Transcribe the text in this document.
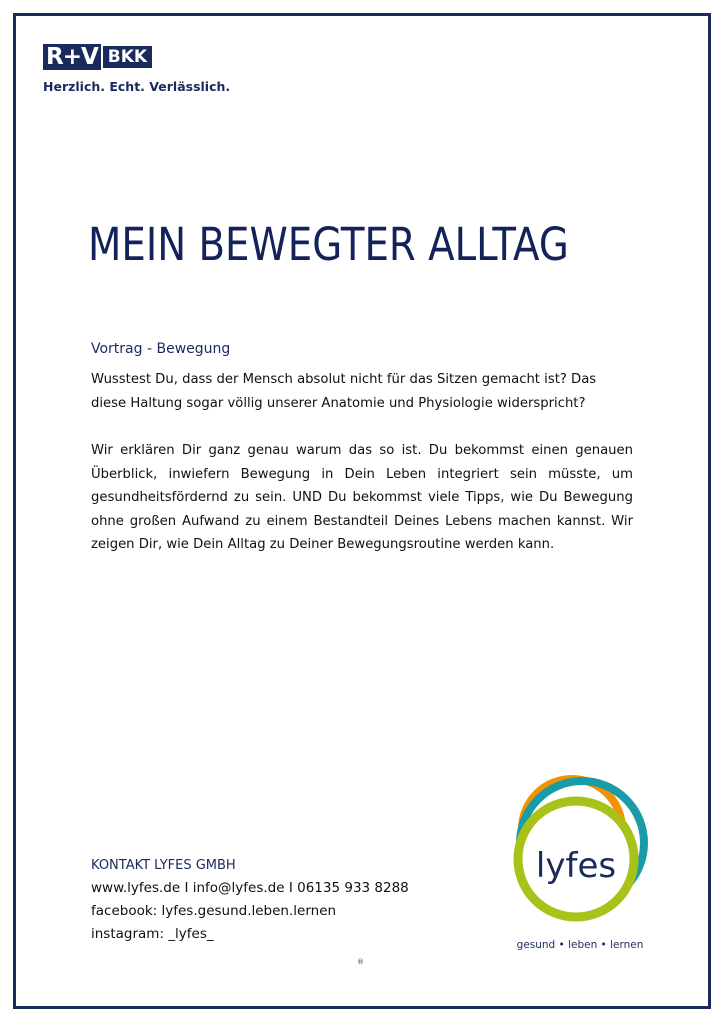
R+V BKK
Herzlich. Echt. Verlässlich.
MEIN BEWEGTER ALLTAG
Vortrag - Bewegung

Wusstest Du, dass der Mensch absolut nicht für das Sitzen gemacht ist? Das diese Haltung sogar völlig unserer Anatomie und Physiologie widerspricht?

Wir erklären Dir ganz genau warum das so ist. Du bekommst einen genauen Überblick, inwiefern Bewegung in Dein Leben integriert sein müsste, um gesundheitsfördernd zu sein. UND Du bekommst viele Tipps, wie Du Bewegung ohne großen Aufwand zu einem Bestandteil Deines Lebens machen kannst. Wir zeigen Dir, wie Dein Alltag zu Deiner Bewegungsroutine werden kann.

KONTAKT LYFES GMBH
www.lyfes.de I info@lyfes.de I 06135 933 8288
facebook: lyfes.gesund.leben.lernen
instagram: _lyfes_
lyfes
gesund • leben • lernen
®
